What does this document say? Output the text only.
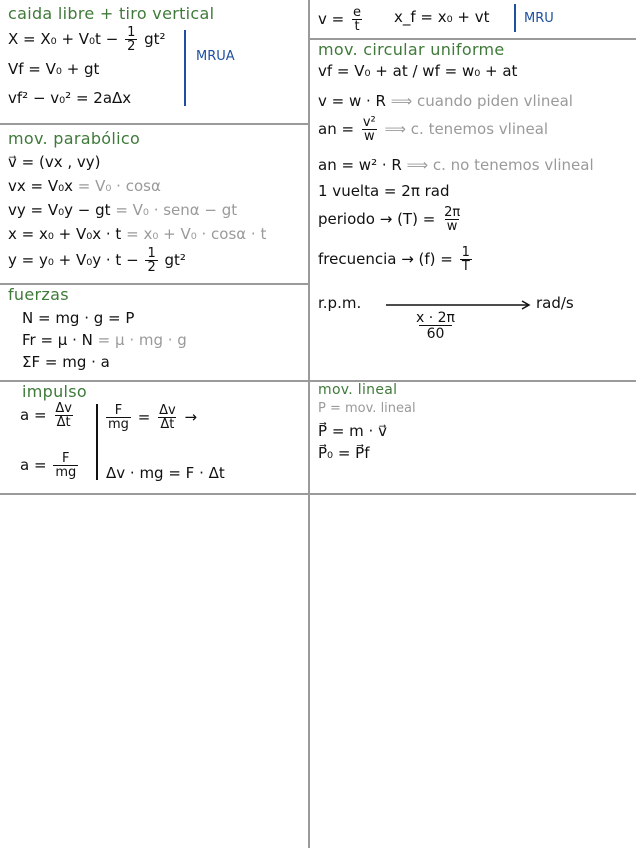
caida libre + tiro vertical
$X = X_0 + V_0t - \frac{1}{2} gt^2$
Vf = V₀ + gt
vf² − v₀² = 2aΔx
MRUA
$v = \frac{e}{t}$ x_f = x₀ + vt	MRU
mov. circular uniforme
vf = V₀ + at / wf = w₀ + at
v = w · R ⟹ cuando piden vlineal
an = $\frac{\text{v²}}{w}$ ⟹ c. tenemos vlineal
an = w² · R ⟹ c. no tenemos vlineal
1 vuelta = 2π rad
periodo → $(T) = \frac{2\pi}{w}$
frecuencia → $(f) = \frac{1}{T}$
r.p.m.	rad/s
$\frac{x \cdot 2\pi}{60}$
mov. parabólico
v⃗ = (vx , vy)
vx = V₀x = V₀ · cosα
vy = V₀y − gt = V₀ · senα − gt
x = x₀ + V₀x · t = x₀ + V₀ · cosα · t
$y = y_0 + V_0y \cdot t - \frac{1}{2} gt^2$
fuerzas
N = mg · g = P
Fr = μ · N = μ · mg · g
ΣF = mg · a
impulso
$a = \frac{\Delta v}{\Delta t}$
$a = \frac{F}{mg}$
$\frac{F}{mg} = \frac{\Delta v}{\Delta t}$ →
Δv · mg = F · Δt
mov. lineal
P = mov. lineal
P⃗ = m · v⃗
P⃗₀ = P⃗f
